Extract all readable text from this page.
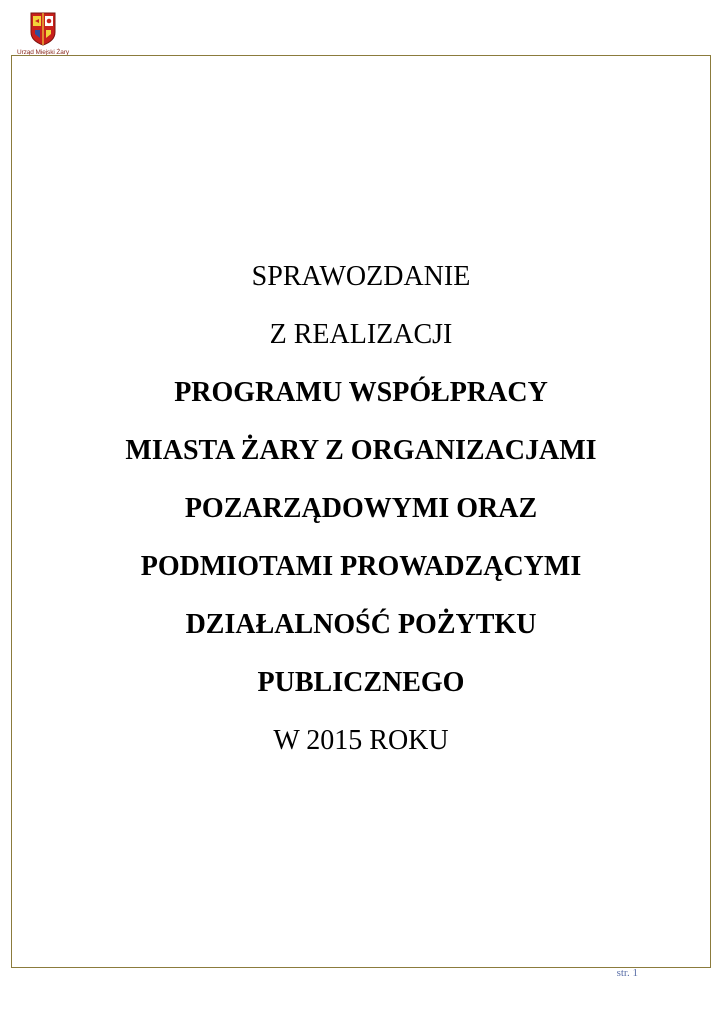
Urząd Miejski Żary
SPRAWOZDANIE
Z REALIZACJI
PROGRAMU WSPÓŁPRACY
MIASTA ŻARY Z ORGANIZACJAMI
POZARZĄDOWYMI ORAZ
PODMIOTAMI PROWADZĄCYMI
DZIAŁALNOŚĆ POŻYTKU
PUBLICZNEGO
W 2015 ROKU
str. 1
